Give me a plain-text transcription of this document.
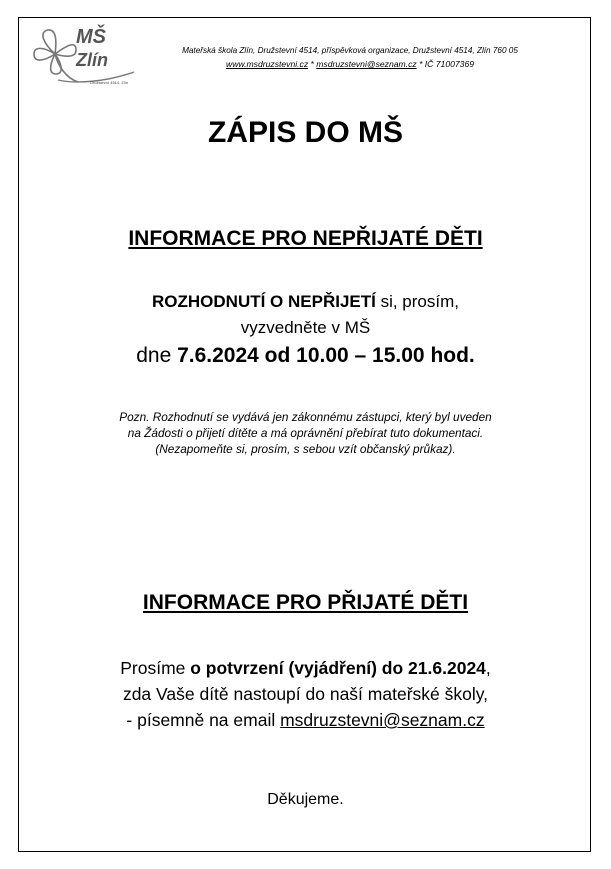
MŠ
Zlín
Družstevní 4514, Zlín
Mateřská škola Zlín, Družstevní 4514, příspěvková organizace, Družstevní 4514, Zlín 760 05
www.msdruzstevni.cz * msdruzstevni@seznam.cz * IČ 71007369
ZÁPIS DO MŠ
INFORMACE PRO NEPŘIJATÉ DĚTI
ROZHODNUTÍ O NEPŘIJETÍ si, prosím,
vyzvedněte v MŠ
dne 7.6.2024 od 10.00 – 15.00 hod.
Pozn. Rozhodnutí se vydává jen zákonnému zástupci, který byl uveden
na Žádosti o přijetí dítěte a má oprávnění přebírat tuto dokumentaci.
(Nezapomeňte si, prosím, s sebou vzít občanský průkaz).
INFORMACE PRO PŘIJATÉ DĚTI
Prosíme o potvrzení (vyjádření) do 21.6.2024,
zda Vaše dítě nastoupí do naší mateřské školy,
- písemně na email msdruzstevni@seznam.cz
Děkujeme.
